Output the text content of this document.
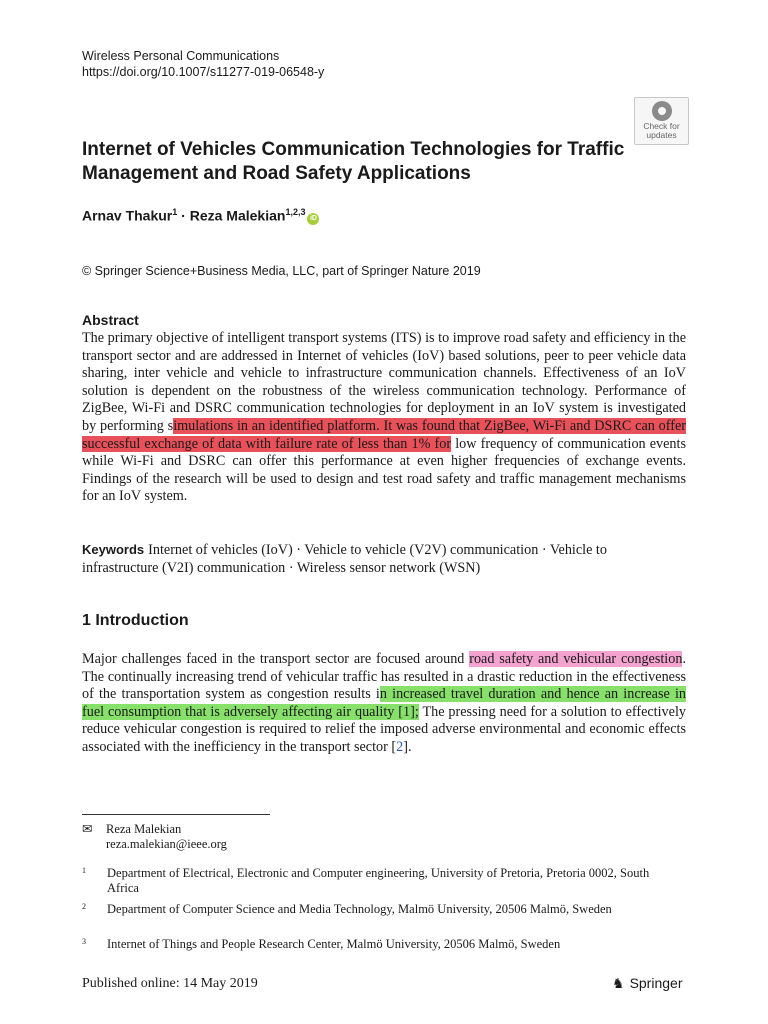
Wireless Personal Communications
https://doi.org/10.1007/s11277-019-06548-y
Check for
updates
Internet of Vehicles Communication Technologies for Traffic Management and Road Safety Applications
Arnav Thakur$^1$ · Reza Malekian$^{1,2,3}$iD
© Springer Science+Business Media, LLC, part of Springer Nature 2019
Abstract

The primary objective of intelligent transport systems (ITS) is to improve road safety and efficiency in the transport sector and are addressed in Internet of vehicles (IoV) based solutions, peer to peer vehicle data sharing, inter vehicle and vehicle to infrastructure communication channels. Effectiveness of an IoV solution is dependent on the robustness of the wireless communication technology. Performance of ZigBee, Wi-Fi and DSRC communication technologies for deployment in an IoV system is investigated by performing simulations in an identified platform. It was found that ZigBee, Wi-Fi and DSRC can offer successful exchange of data with failure rate of less than 1% for low frequency of communication events while Wi-Fi and DSRC can offer this performance at even higher frequencies of exchange events. Findings of the research will be used to design and test road safety and traffic management mechanisms for an IoV system.

Keywords Internet of vehicles (IoV) · Vehicle to vehicle (V2V) communication · Vehicle to infrastructure (V2I) communication · Wireless sensor network (WSN)
1 Introduction

Major challenges faced in the transport sector are focused around road safety and vehicular congestion. The continually increasing trend of vehicular traffic has resulted in a drastic reduction in the effectiveness of the transportation system as congestion results in increased travel duration and hence an increase in fuel consumption that is adversely affecting air quality [1]; The pressing need for a solution to effectively reduce vehicular congestion is required to relief the imposed adverse environmental and economic effects associated with the inefficiency in the transport sector [2].

✉ Reza Malekian
reza.malekian@ieee.org
1 Department of Electrical, Electronic and Computer engineering, University of Pretoria, Pretoria 0002, South Africa
2 Department of Computer Science and Media Technology, Malmö University, 20506 Malmö, Sweden
3 Internet of Things and People Research Center, Malmö University, 20506 Malmö, Sweden
Published online: 14 May 2019	♞ Springer
